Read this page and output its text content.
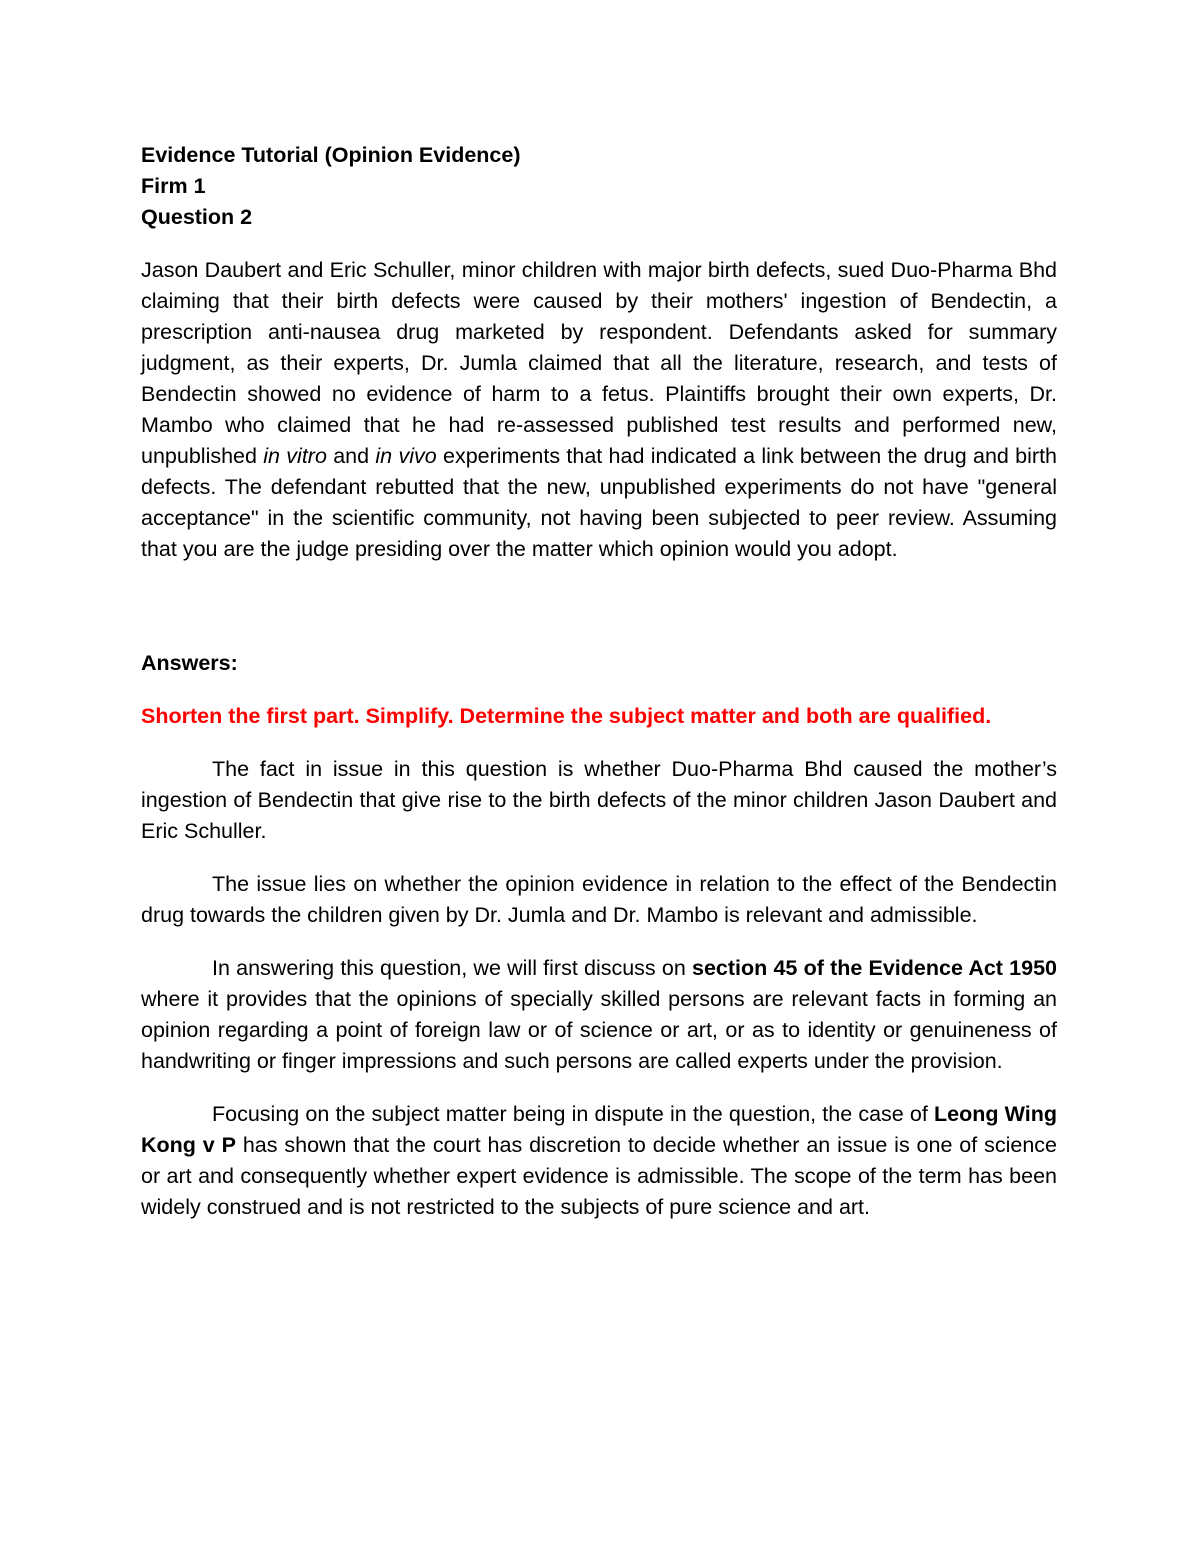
Evidence Tutorial (Opinion Evidence)

Firm 1

Question 2

Jason Daubert and Eric Schuller, minor children with major birth defects, sued Duo-Pharma Bhd claiming that their birth defects were caused by their mothers' ingestion of Bendectin, a prescription anti-nausea drug marketed by respondent. Defendants asked for summary judgment, as their experts, Dr. Jumla claimed that all the literature, research, and tests of Bendectin showed no evidence of harm to a fetus. Plaintiffs brought their own experts, Dr. Mambo who claimed that he had re-assessed published test results and performed new, unpublished in vitro and in vivo experiments that had indicated a link between the drug and birth defects. The defendant rebutted that the new, unpublished experiments do not have "general acceptance" in the scientific community, not having been subjected to peer review. Assuming that you are the judge presiding over the matter which opinion would you adopt.

Answers:

Shorten the first part. Simplify. Determine the subject matter and both are qualified.

The fact in issue in this question is whether Duo-Pharma Bhd caused the mother’s ingestion of Bendectin that give rise to the birth defects of the minor children Jason Daubert and Eric Schuller.

The issue lies on whether the opinion evidence in relation to the effect of the Bendectin drug towards the children given by Dr. Jumla and Dr. Mambo is relevant and admissible.

In answering this question, we will first discuss on section 45 of the Evidence Act 1950 where it provides that the opinions of specially skilled persons are relevant facts in forming an opinion regarding a point of foreign law or of science or art, or as to identity or genuineness of handwriting or finger impressions and such persons are called experts under the provision.

Focusing on the subject matter being in dispute in the question, the case of Leong Wing Kong v P has shown that the court has discretion to decide whether an issue is one of science or art and consequently whether expert evidence is admissible. The scope of the term has been widely construed and is not restricted to the subjects of pure science and art.
